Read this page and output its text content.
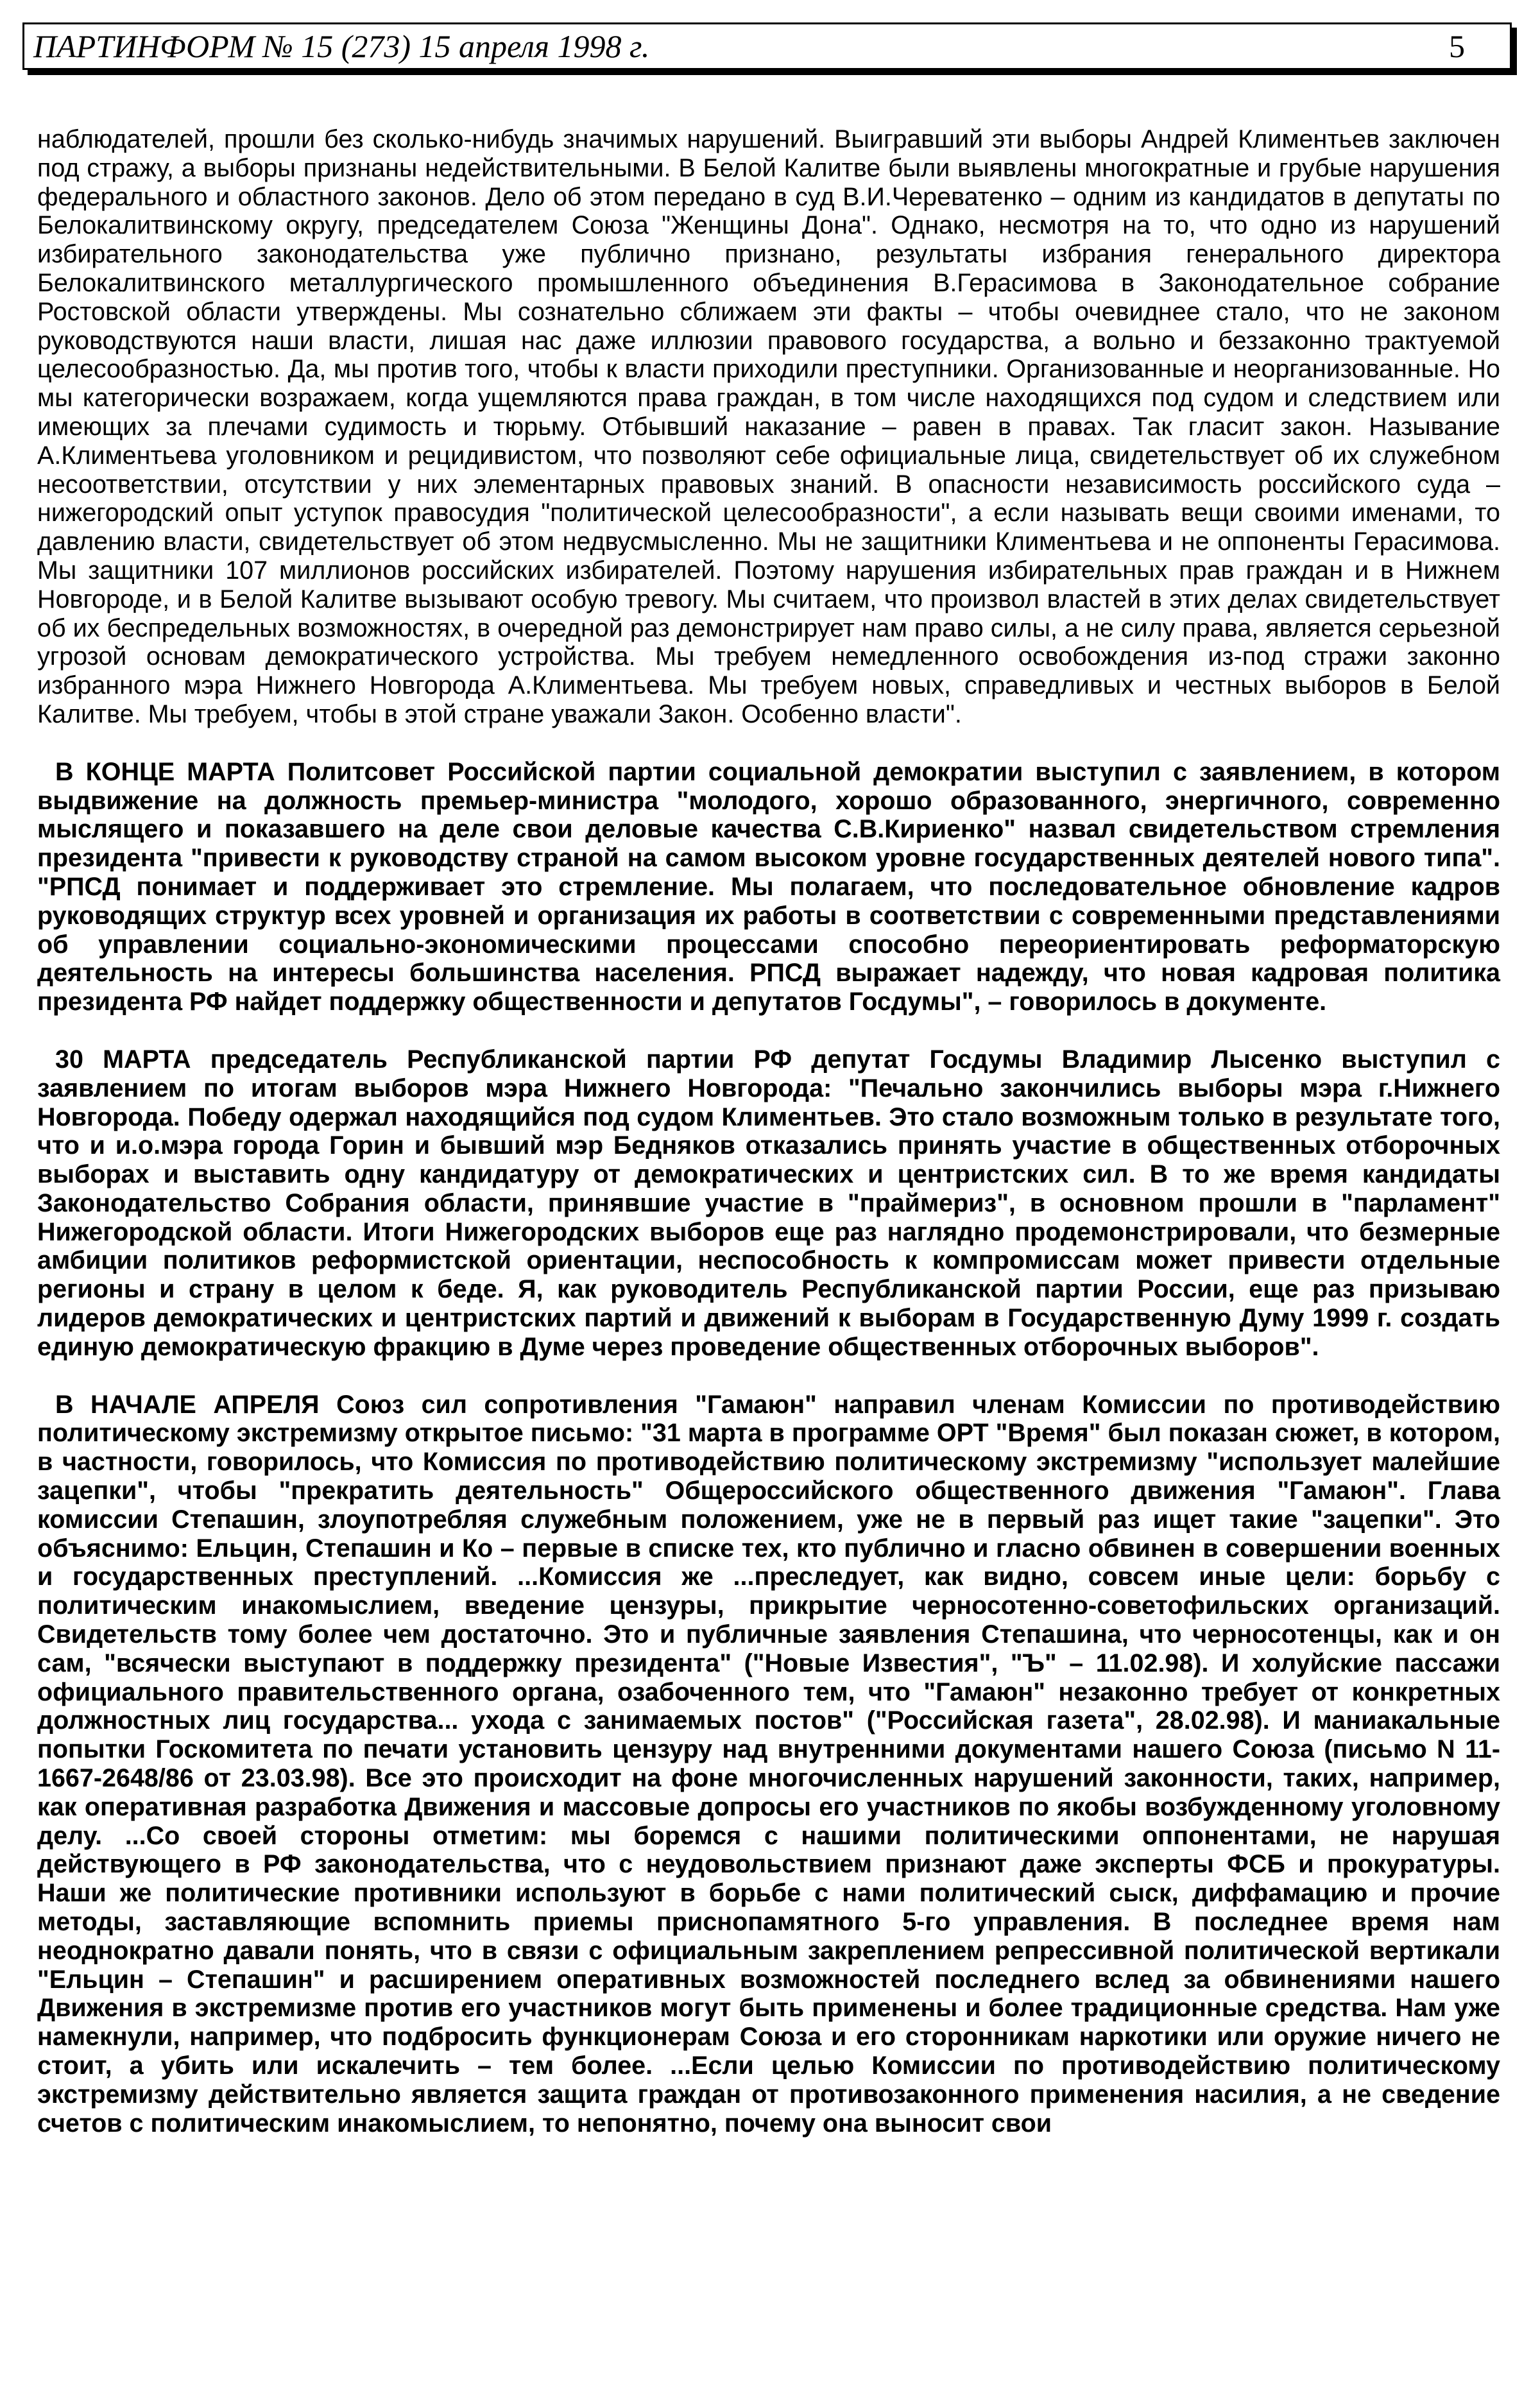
ПАРТИНФОРМ № 15 (273) 15 апреля 1998 г.	5

наблюдателей, прошли без сколько-нибудь значимых нарушений. Выигравший эти выборы Андрей Климентьев заключен под стражу, а выборы признаны недействительными. В Белой Калитве были выявлены многократные и грубые нарушения федерального и областного законов. Дело об этом передано в суд В.И.Череватенко – одним из кандидатов в депутаты по Белокалитвинскому округу, председателем Союза "Женщины Дона". Однако, несмотря на то, что одно из нарушений избирательного законодательства уже публично признано, результаты избрания генерального директора Белокалитвинского металлургического промышленного объединения В.Герасимова в Законодательное собрание Ростовской области утверждены. Мы сознательно сближаем эти факты – чтобы очевиднее стало, что не законом руководствуются наши власти, лишая нас даже иллюзии правового государства, а вольно и беззаконно трактуемой целесообразностью. Да, мы против того, чтобы к власти приходили преступники. Организованные и неорганизованные. Но мы категорически возражаем, когда ущемляются права граждан, в том числе находящихся под судом и следствием или имеющих за плечами судимость и тюрьму. Отбывший наказание – равен в правах. Так гласит закон. Называние А.Климентьева уголовником и рецидивистом, что позволяют себе официальные лица, свидетельствует об их служебном несоответствии, отсутствии у них элементарных правовых знаний. В опасности независимость российского суда – нижегородский опыт уступок правосудия "политической целесообразности", а если называть вещи своими именами, то давлению власти, свидетельствует об этом недвусмысленно. Мы не защитники Климентьева и не оппоненты Герасимова. Мы защитники 107 миллионов российских избирателей. Поэтому нарушения избирательных прав граждан и в Нижнем Новгороде, и в Белой Калитве вызывают особую тревогу. Мы считаем, что произвол властей в этих делах свидетельствует об их беспредельных возможностях, в очередной раз демонстрирует нам право силы, а не силу права, является серьезной угрозой основам демократического устройства. Мы требуем немедленного освобождения из-под стражи законно избранного мэра Нижнего Новгорода А.Климентьева. Мы требуем новых, справедливых и честных выборов в Белой Калитве. Мы требуем, чтобы в этой стране уважали Закон. Особенно власти".

В КОНЦЕ МАРТА Политсовет Российской партии социальной демократии выступил с заявлением, в котором выдвижение на должность премьер-министра "молодого, хорошо образованного, энергичного, современно мыслящего и показавшего на деле свои деловые качества С.В.Кириенко" назвал свидетельством стремления президента "привести к руководству страной на самом высоком уровне государственных деятелей нового типа". "РПСД понимает и поддерживает это стремление. Мы полагаем, что последовательное обновление кадров руководящих структур всех уровней и организация их работы в соответствии с современными представлениями об управлении социально-экономическими процессами способно переориентировать реформаторскую деятельность на интересы большинства населения. РПСД выражает надежду, что новая кадровая политика президента РФ найдет поддержку общественности и депутатов Госдумы", – говорилось в документе.

30 МАРТА председатель Республиканской партии РФ депутат Госдумы Владимир Лысенко выступил с заявлением по итогам выборов мэра Нижнего Новгорода: "Печально закончились выборы мэра г.Нижнего Новгорода. Победу одержал находящийся под судом Климентьев. Это стало возможным только в результате того, что и и.о.мэра города Горин и бывший мэр Бедняков отказались принять участие в общественных отборочных выборах и выставить одну кандидатуру от демократических и центристских сил. В то же время кандидаты Законодательство Собрания области, принявшие участие в "праймериз", в основном прошли в "парламент" Нижегородской области. Итоги Нижегородских выборов еще раз наглядно продемонстрировали, что безмерные амбиции политиков реформистской ориентации, неспособность к компромиссам может привести отдельные регионы и страну в целом к беде. Я, как руководитель Республиканской партии России, еще раз призываю лидеров демократических и центристских партий и движений к выборам в Государственную Думу 1999 г. создать единую демократическую фракцию в Думе через проведение общественных отборочных выборов".

В НАЧАЛЕ АПРЕЛЯ Союз сил сопротивления "Гамаюн" направил членам Комиссии по противодействию политическому экстремизму открытое письмо: "31 марта в программе ОРТ "Время" был показан сюжет, в котором, в частности, говорилось, что Комиссия по противодействию политическому экстремизму "использует малейшие зацепки", чтобы "прекратить деятельность" Общероссийского общественного движения "Гамаюн". Глава комиссии Степашин, злоупотребляя служебным положением, уже не в первый раз ищет такие "зацепки". Это объяснимо: Ельцин, Степашин и Ко – первые в списке тех, кто публично и гласно обвинен в совершении военных и государственных преступлений. ...Комиссия же ...преследует, как видно, совсем иные цели: борьбу с политическим инакомыслием, введение цензуры, прикрытие черносотенно-советофильских организаций. Свидетельств тому более чем достаточно. Это и публичные заявления Степашина, что черносотенцы, как и он сам, "всячески выступают в поддержку президента" ("Новые Известия", "Ъ" – 11.02.98). И холуйские пассажи официального правительственного органа, озабоченного тем, что "Гамаюн" незаконно требует от конкретных должностных лиц государства... ухода с занимаемых постов" ("Российская газета", 28.02.98). И маниакальные попытки Госкомитета по печати установить цензуру над внутренними документами нашего Союза (письмо N 11-1667-2648/86 от 23.03.98). Все это происходит на фоне многочисленных нарушений законности, таких, например, как оперативная разработка Движения и массовые допросы его участников по якобы возбужденному уголовному делу. ...Со своей стороны отметим: мы боремся с нашими политическими оппонентами, не нарушая действующего в РФ законодательства, что с неудовольствием признают даже эксперты ФСБ и прокуратуры. Наши же политические противники используют в борьбе с нами политический сыск, диффамацию и прочие методы, заставляющие вспомнить приемы приснопамятного 5-го управления. В последнее время нам неоднократно давали понять, что в связи с официальным закреплением репрессивной политической вертикали "Ельцин – Степашин" и расширением оперативных возможностей последнего вслед за обвинениями нашего Движения в экстремизме против его участников могут быть применены и более традиционные средства. Нам уже намекнули, например, что подбросить функционерам Союза и его сторонникам наркотики или оружие ничего не стоит, а убить или искалечить – тем более. ...Если целью Комиссии по противодействию политическому экстремизму действительно является защита граждан от противозаконного применения насилия, а не сведение счетов с политическим инакомыслием, то непонятно, почему она выносит свои
